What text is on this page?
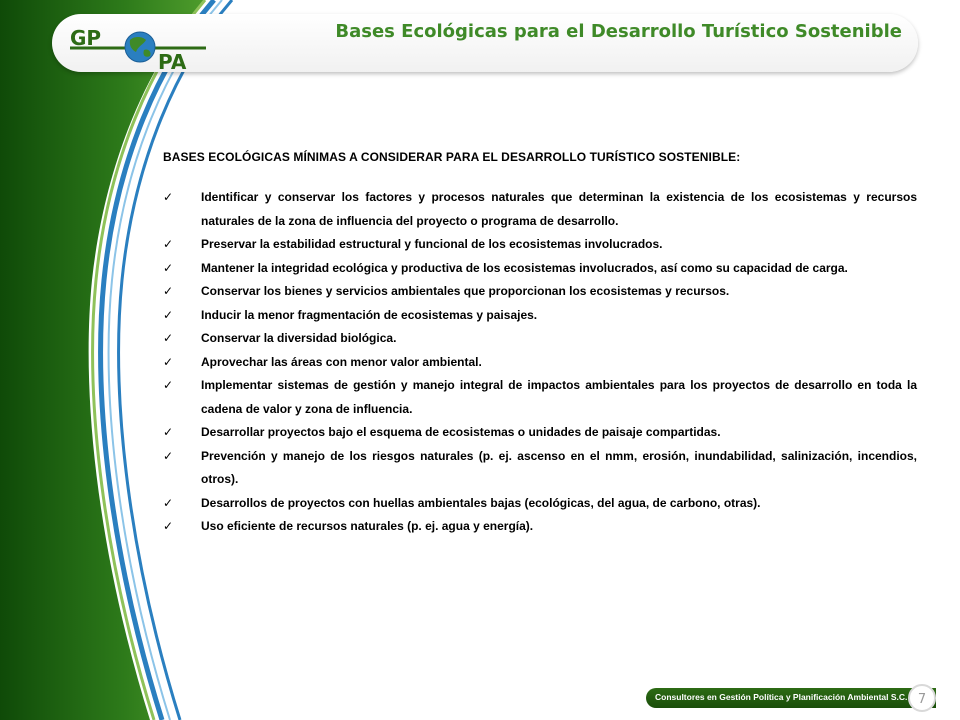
GP
PA
Bases Ecológicas para el Desarrollo Turístico Sostenible
BASES ECOLÓGICAS MÍNIMAS A CONSIDERAR PARA EL DESARROLLO TURÍSTICO SOSTENIBLE:
✓ Identificar y conservar los factores y procesos naturales que determinan la existencia de los ecosistemas y recursos naturales de la zona de influencia del proyecto o programa de desarrollo.
✓ Preservar la estabilidad estructural y funcional de los ecosistemas involucrados.
✓ Mantener la integridad ecológica y productiva de los ecosistemas involucrados, así como su capacidad de carga.
✓ Conservar los bienes y servicios ambientales que proporcionan los ecosistemas y recursos.
✓ Inducir la menor fragmentación de ecosistemas y paisajes.
✓ Conservar la diversidad biológica.
✓ Aprovechar las áreas con menor valor ambiental.
✓ Implementar sistemas de gestión y manejo integral de impactos ambientales para los proyectos de desarrollo en toda la cadena de valor y zona de influencia.
✓ Desarrollar proyectos bajo el esquema de ecosistemas o unidades de paisaje compartidas.
✓ Prevención y manejo de los riesgos naturales (p. ej. ascenso en el nmm, erosión, inundabilidad, salinización, incendios, otros).
✓ Desarrollos de proyectos con huellas ambientales bajas (ecológicas, del agua, de carbono, otras).
✓ Uso eficiente de recursos naturales (p. ej. agua y energía).
Consultores en Gestión Política y Planificación Ambiental S.C. 7
